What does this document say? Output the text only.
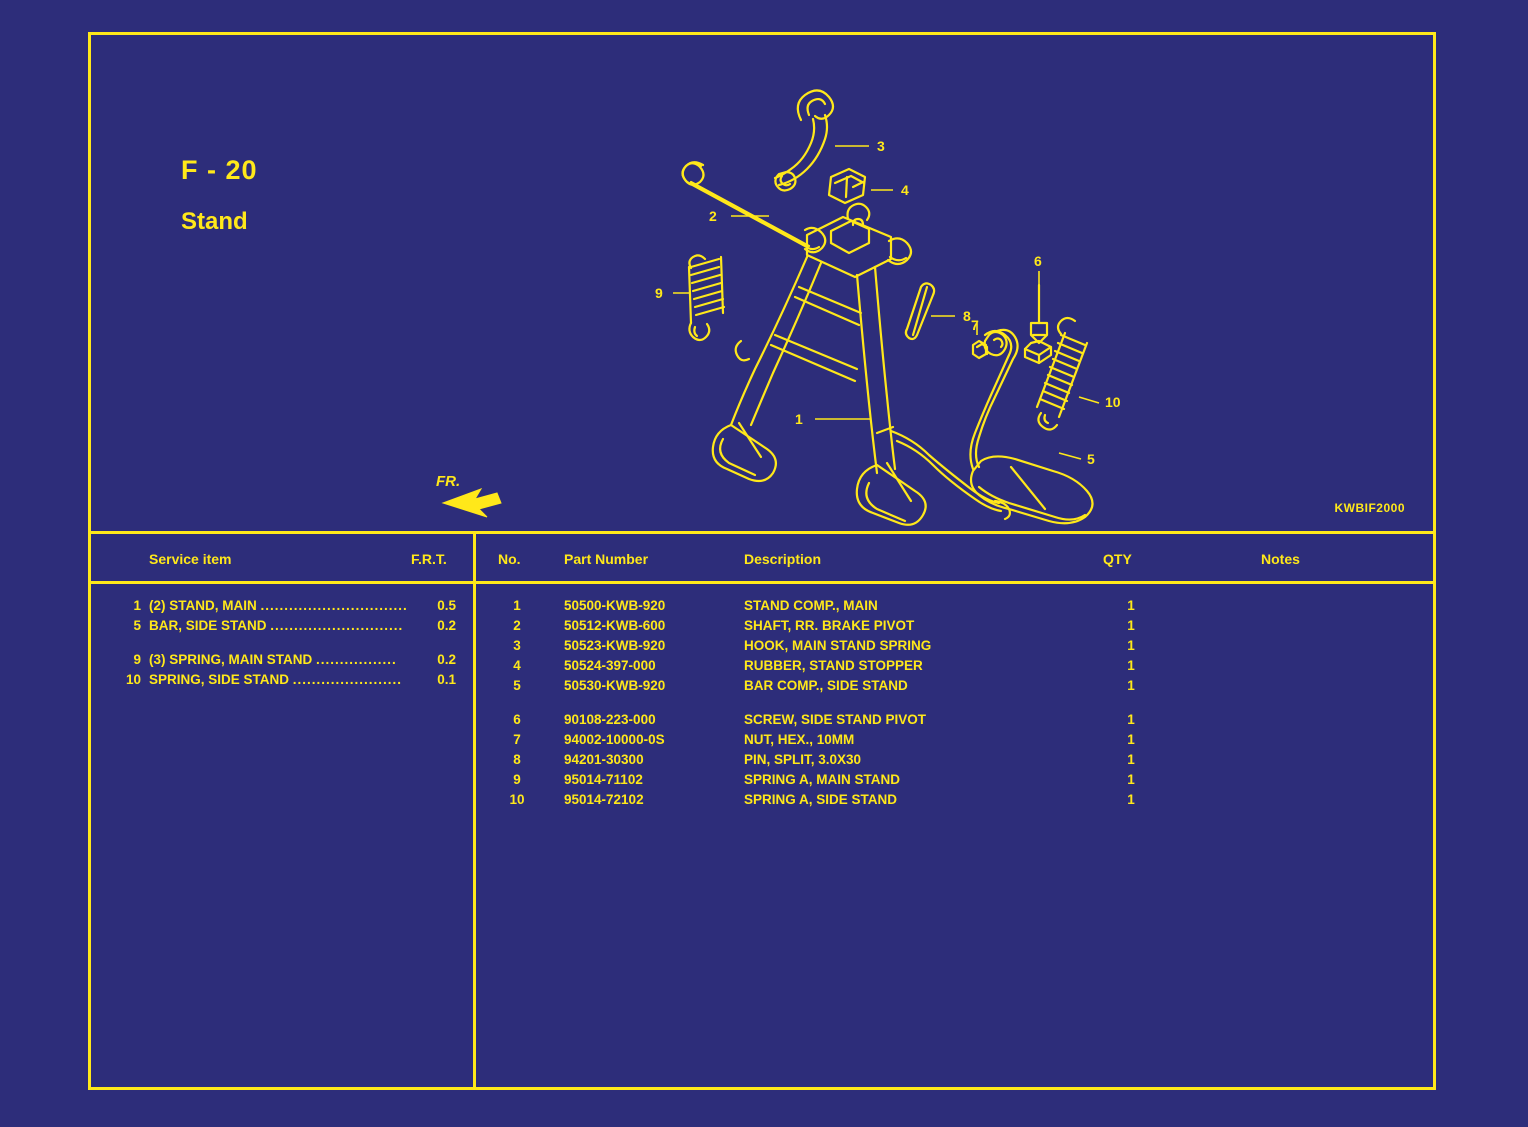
F - 20
Stand
FR.
KWBIF2000
3
4
2
9
8
7
6
10
5
1
Service item	F.R.T.
1 (2) STAND, MAIN ...............................	0.5
5 BAR, SIDE STAND ............................	0.2
9 (3) SPRING, MAIN STAND .................	0.2
10 SPRING, SIDE STAND .......................	0.1
No.	Part Number	Description	QTY	Notes
1	50500-KWB-920	STAND COMP., MAIN	1
2	50512-KWB-600	SHAFT, RR. BRAKE PIVOT	1
3	50523-KWB-920	HOOK, MAIN STAND SPRING	1
4	50524-397-000	RUBBER, STAND STOPPER	1
5	50530-KWB-920	BAR COMP., SIDE STAND	1
6	90108-223-000	SCREW, SIDE STAND PIVOT	1
7	94002-10000-0S	NUT, HEX., 10MM	1
8	94201-30300	PIN, SPLIT, 3.0X30	1
9	95014-71102	SPRING A, MAIN STAND	1
10	95014-72102	SPRING A, SIDE STAND	1
